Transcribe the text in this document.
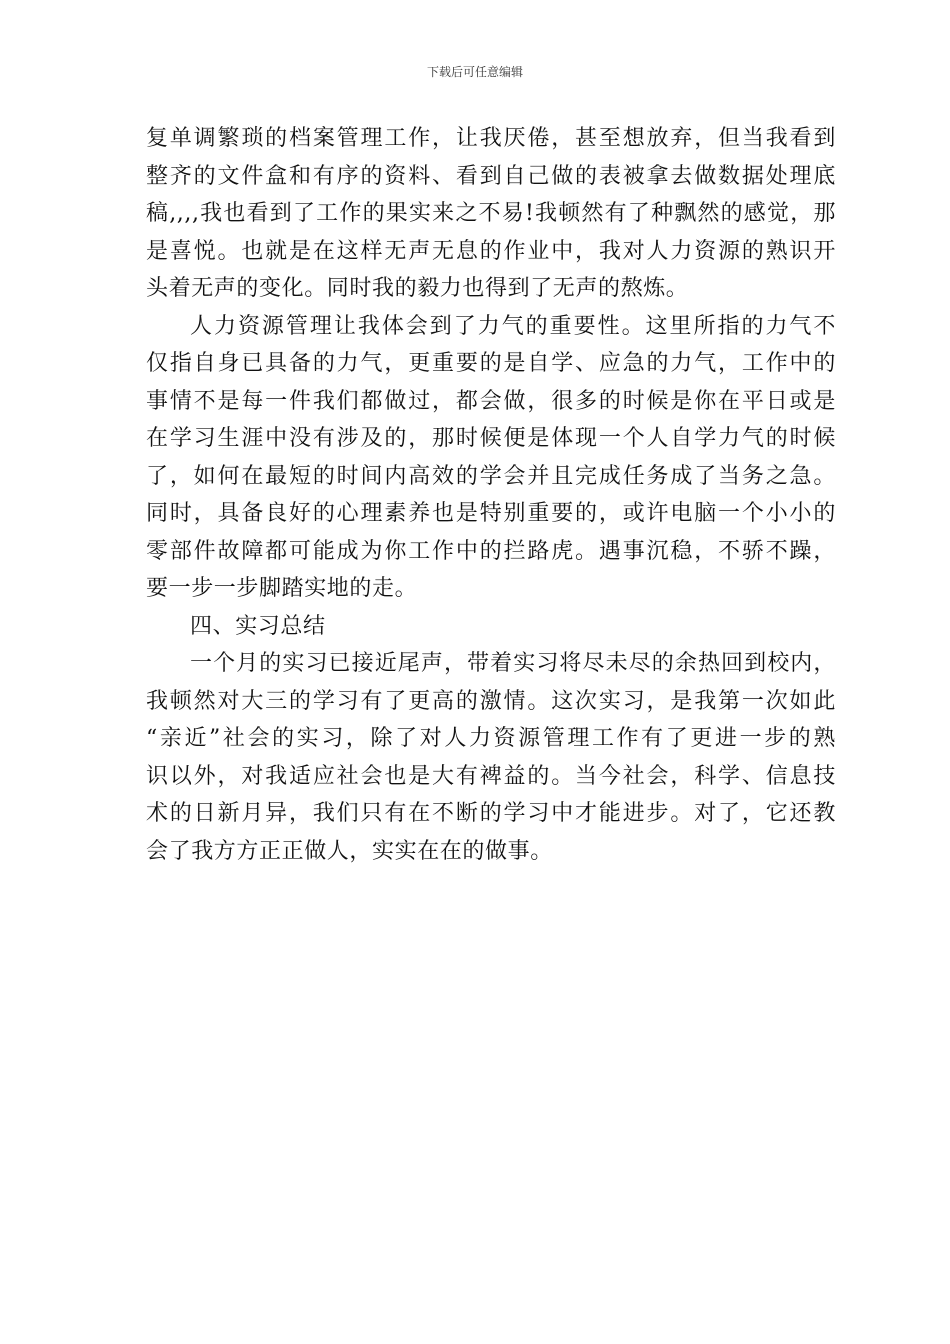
下载后可任意编辑
复单调繁琐的档案管理工作，让我厌倦，甚至想放弃，但当我看到
整齐的文件盒和有序的资料、看到自己做的表被拿去做数据处理底
稿,,,,我也看到了工作的果实来之不易!我顿然有了种飘然的感觉，那
是喜悦。也就是在这样无声无息的作业中，我对人力资源的熟识开
头着无声的变化。同时我的毅力也得到了无声的熬炼。
人力资源管理让我体会到了力气的重要性。这里所指的力气不
仅指自身已具备的力气，更重要的是自学、应急的力气，工作中的
事情不是每一件我们都做过，都会做，很多的时候是你在平日或是
在学习生涯中没有涉及的，那时候便是体现一个人自学力气的时候
了，如何在最短的时间内高效的学会并且完成任务成了当务之急。
同时，具备良好的心理素养也是特别重要的，或许电脑一个小小的
零部件故障都可能成为你工作中的拦路虎。遇事沉稳，不骄不躁，
要一步一步脚踏实地的走。
四、实习总结
一个月的实习已接近尾声，带着实习将尽未尽的余热回到校内，
我顿然对大三的学习有了更高的激情。这次实习，是我第一次如此
“亲近”社会的实习，除了对人力资源管理工作有了更进一步的熟
识以外，对我适应社会也是大有裨益的。当今社会，科学、信息技
术的日新月异，我们只有在不断的学习中才能进步。对了，它还教
会了我方方正正做人，实实在在的做事。
